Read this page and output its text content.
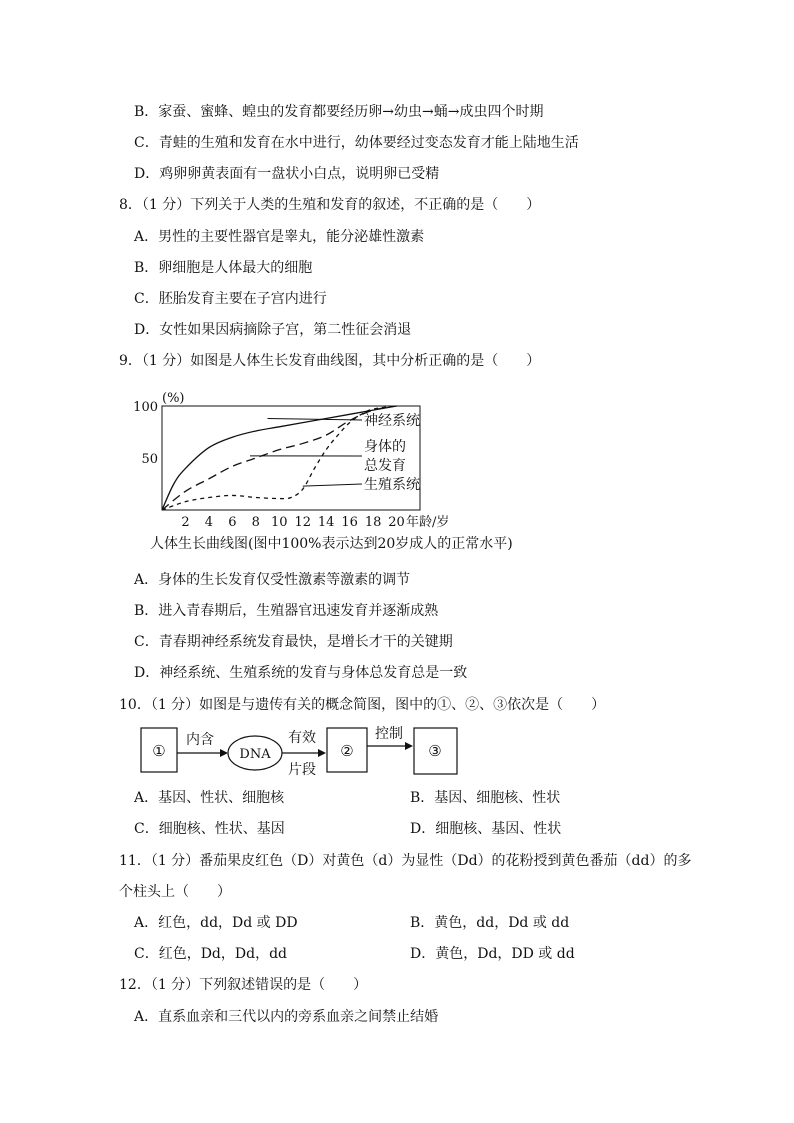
B．家蚕、蜜蜂、蝗虫的发育都要经历卵→幼虫→蛹→成虫四个时期
C．青蛙的生殖和发育在水中进行，幼体要经过变态发育才能上陆地生活
D．鸡卵卵黄表面有一盘状小白点，说明卵已受精
8．（1 分）下列关于人类的生殖和发育的叙述，不正确的是（　　）
A．男性的主要性器官是睾丸，能分泌雄性激素
B．卵细胞是人体最大的细胞
C．胚胎发育主要在子宫内进行
D．女性如果因病摘除子宫，第二性征会消退
9．（1 分）如图是人体生长发育曲线图，其中分析正确的是（　　）
50
100
(%)
2 4 6 8 10 12 14 16 18 20 年龄/岁
神经系统
身体的
总发育
生殖系统
人体生长曲线图(图中100%表示达到20岁成人的正常水平)
A．身体的生长发育仅受性激素等激素的调节
B．进入青春期后，生殖器官迅速发育并逐渐成熟
C．青春期神经系统发育最快，是增长才干的关键期
D．神经系统、生殖系统的发育与身体总发育总是一致
10．（1 分）如图是与遗传有关的概念简图，图中的①、②、③依次是（　　）
①
内含
DNA
有效
片段
②
控制
③
A．基因、性状、细胞核	B．基因、细胞核、性状
C．细胞核、性状、基因	D．细胞核、基因、性状
11．（1 分）番茄果皮红色（D）对黄色（d）为显性（Dd）的花粉授到黄色番茄（dd）的多
个柱头上（　　）
A．红色，dd，Dd 或 DD	B．黄色，dd，Dd 或 dd
C．红色，Dd，Dd，dd	D．黄色，Dd，DD 或 dd
12．（1 分）下列叙述错误的是（　　）
A．直系血亲和三代以内的旁系血亲之间禁止结婚
